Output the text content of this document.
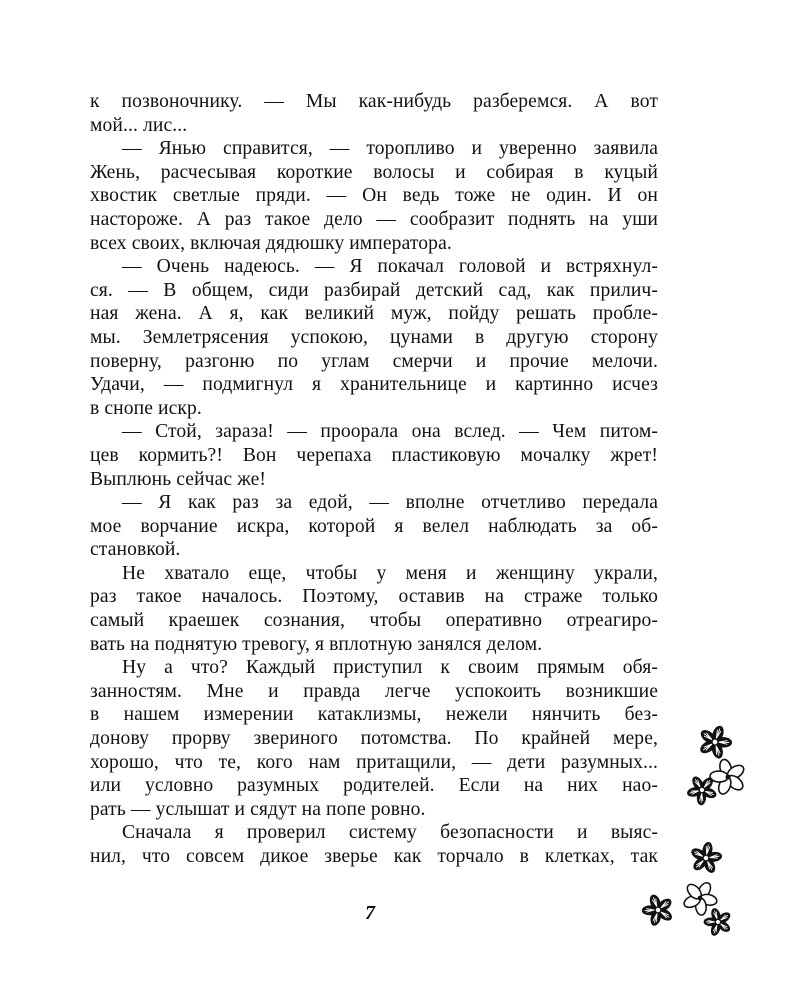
к позвоночнику. — Мы как-нибудь разберемся. А вот
мой... лис...
— Янью справится, — торопливо и уверенно заявила
Жень, расчесывая короткие волосы и собирая в куцый
хвостик светлые пряди. — Он ведь тоже не один. И он
настороже. А раз такое дело — сообразит поднять на уши
всех своих, включая дядюшку императора.
— Очень надеюсь. — Я покачал головой и встряхнул-
ся. — В общем, сиди разбирай детский сад, как прилич-
ная жена. А я, как великий муж, пойду решать пробле-
мы. Землетрясения успокою, цунами в другую сторону
поверну, разгоню по углам смерчи и прочие мелочи.
Удачи, — подмигнул я хранительнице и картинно исчез
в снопе искр.
— Стой, зараза! — проорала она вслед. — Чем питом-
цев кормить?! Вон черепаха пластиковую мочалку жрет!
Выплюнь сейчас же!
— Я как раз за едой, — вполне отчетливо передала
мое ворчание искра, которой я велел наблюдать за об-
становкой.
Не хватало еще, чтобы у меня и женщину украли,
раз такое началось. Поэтому, оставив на страже только
самый краешек сознания, чтобы оперативно отреагиро-
вать на поднятую тревогу, я вплотную занялся делом.
Ну а что? Каждый приступил к своим прямым обя-
занностям. Мне и правда легче успокоить возникшие
в нашем измерении катаклизмы, нежели нянчить без-
донову прорву звериного потомства. По крайней мере,
хорошо, что те, кого нам притащили, — дети разумных...
или условно разумных родителей. Если на них нао-
рать — услышат и сядут на попе ровно.
Сначала я проверил систему безопасности и выяс-
нил, что совсем дикое зверье как торчало в клетках, так
7
